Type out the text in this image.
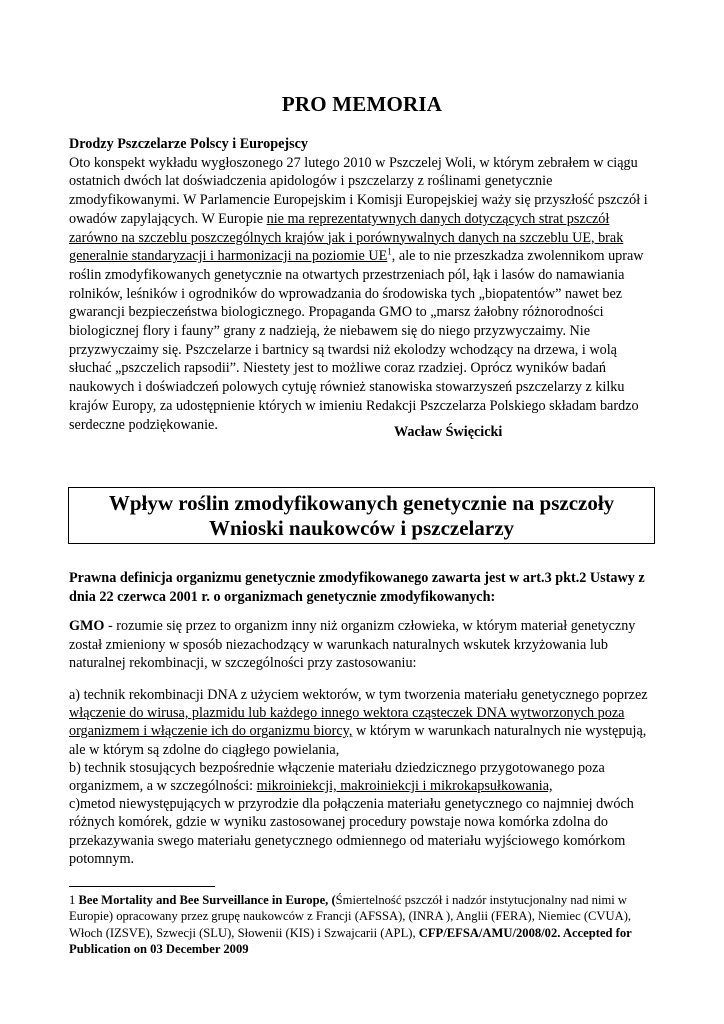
PRO MEMORIA
Drodzy Pszczelarze Polscy i Europejscy
Oto konspekt wykładu wygłoszonego 27 lutego 2010 w Pszczelej Woli, w którym zebrałem w ciągu ostatnich dwóch lat doświadczenia apidologów i pszczelarzy z roślinami genetycznie zmodyfikowanymi. W Parlamencie Europejskim i Komisji Europejskiej waży się przyszłość pszczół i owadów zapylających. W Europie nie ma reprezentatywnych danych dotyczących strat pszczół zarówno na szczeblu poszczególnych krajów jak i porównywalnych danych na szczeblu UE, brak generalnie standaryzacji i harmonizacji na poziomie $UE^1$, ale to nie przeszkadza zwolennikom upraw roślin zmodyfikowanych genetycznie na otwartych przestrzeniach pól, łąk i lasów do namawiania rolników, leśników i ogrodników do wprowadzania do środowiska tych „biopatentów” nawet bez gwarancji bezpieczeństwa biologicznego. Propaganda GMO to „marsz żałobny różnorodności biologicznej flory i fauny” grany z nadzieją, że niebawem się do niego przyzwyczaimy. Nie przyzwyczaimy się. Pszczelarze i bartnicy są twardsi niż ekolodzy wchodzący na drzewa, i wolą słuchać „pszczelich rapsodii”. Niestety jest to możliwe coraz rzadziej. Oprócz wyników badań naukowych i doświadczeń polowych cytuję również stanowiska stowarzyszeń pszczelarzy z kilku krajów Europy, za udostępnienie których w imieniu Redakcji Pszczelarza Polskiego składam bardzo serdeczne podziękowanie.	Wacław Święcicki
Wpływ roślin zmodyfikowanych genetycznie na pszczoły
Wnioski naukowców i pszczelarzy
Prawna definicja organizmu genetycznie zmodyfikowanego zawarta jest w art.3 pkt.2 Ustawy z dnia 22 czerwca 2001 r. o organizmach genetycznie zmodyfikowanych:
GMO - rozumie się przez to organizm inny niż organizm człowieka, w którym materiał genetyczny został zmieniony w sposób niezachodzący w warunkach naturalnych wskutek krzyżowania lub naturalnej rekombinacji, w szczególności przy zastosowaniu:

a) technik rekombinacji DNA z użyciem wektorów, w tym tworzenia materiału genetycznego poprzez włączenie do wirusa, plazmidu lub każdego innego wektora cząsteczek DNA wytworzonych poza organizmem i włączenie ich do organizmu biorcy, w którym w warunkach naturalnych nie występują, ale w którym są zdolne do ciągłego powielania,

b) technik stosujących bezpośrednie włączenie materiału dziedzicznego przygotowanego poza organizmem, a w szczególności: mikroiniekcji, makroiniekcji i mikrokapsułkowania,

c)metod niewystępujących w przyrodzie dla połączenia materiału genetycznego co najmniej dwóch różnych komórek, gdzie w wyniku zastosowanej procedury powstaje nowa komórka zdolna do przekazywania swego materiału genetycznego odmiennego od materiału wyjściowego komórkom potomnym.

1 Bee Mortality and Bee Surveillance in Europe, (Śmiertelność pszczół i nadzór instytucjonalny nad nimi w Europie) opracowany przez grupę naukowców z Francji (AFSSA), (INRA ), Anglii (FERA), Niemiec (CVUA), Włoch (IZSVE), Szwecji (SLU), Słowenii (KIS) i Szwajcarii (APL), CFP/EFSA/AMU/2008/02. Accepted for Publication on 03 December 2009
